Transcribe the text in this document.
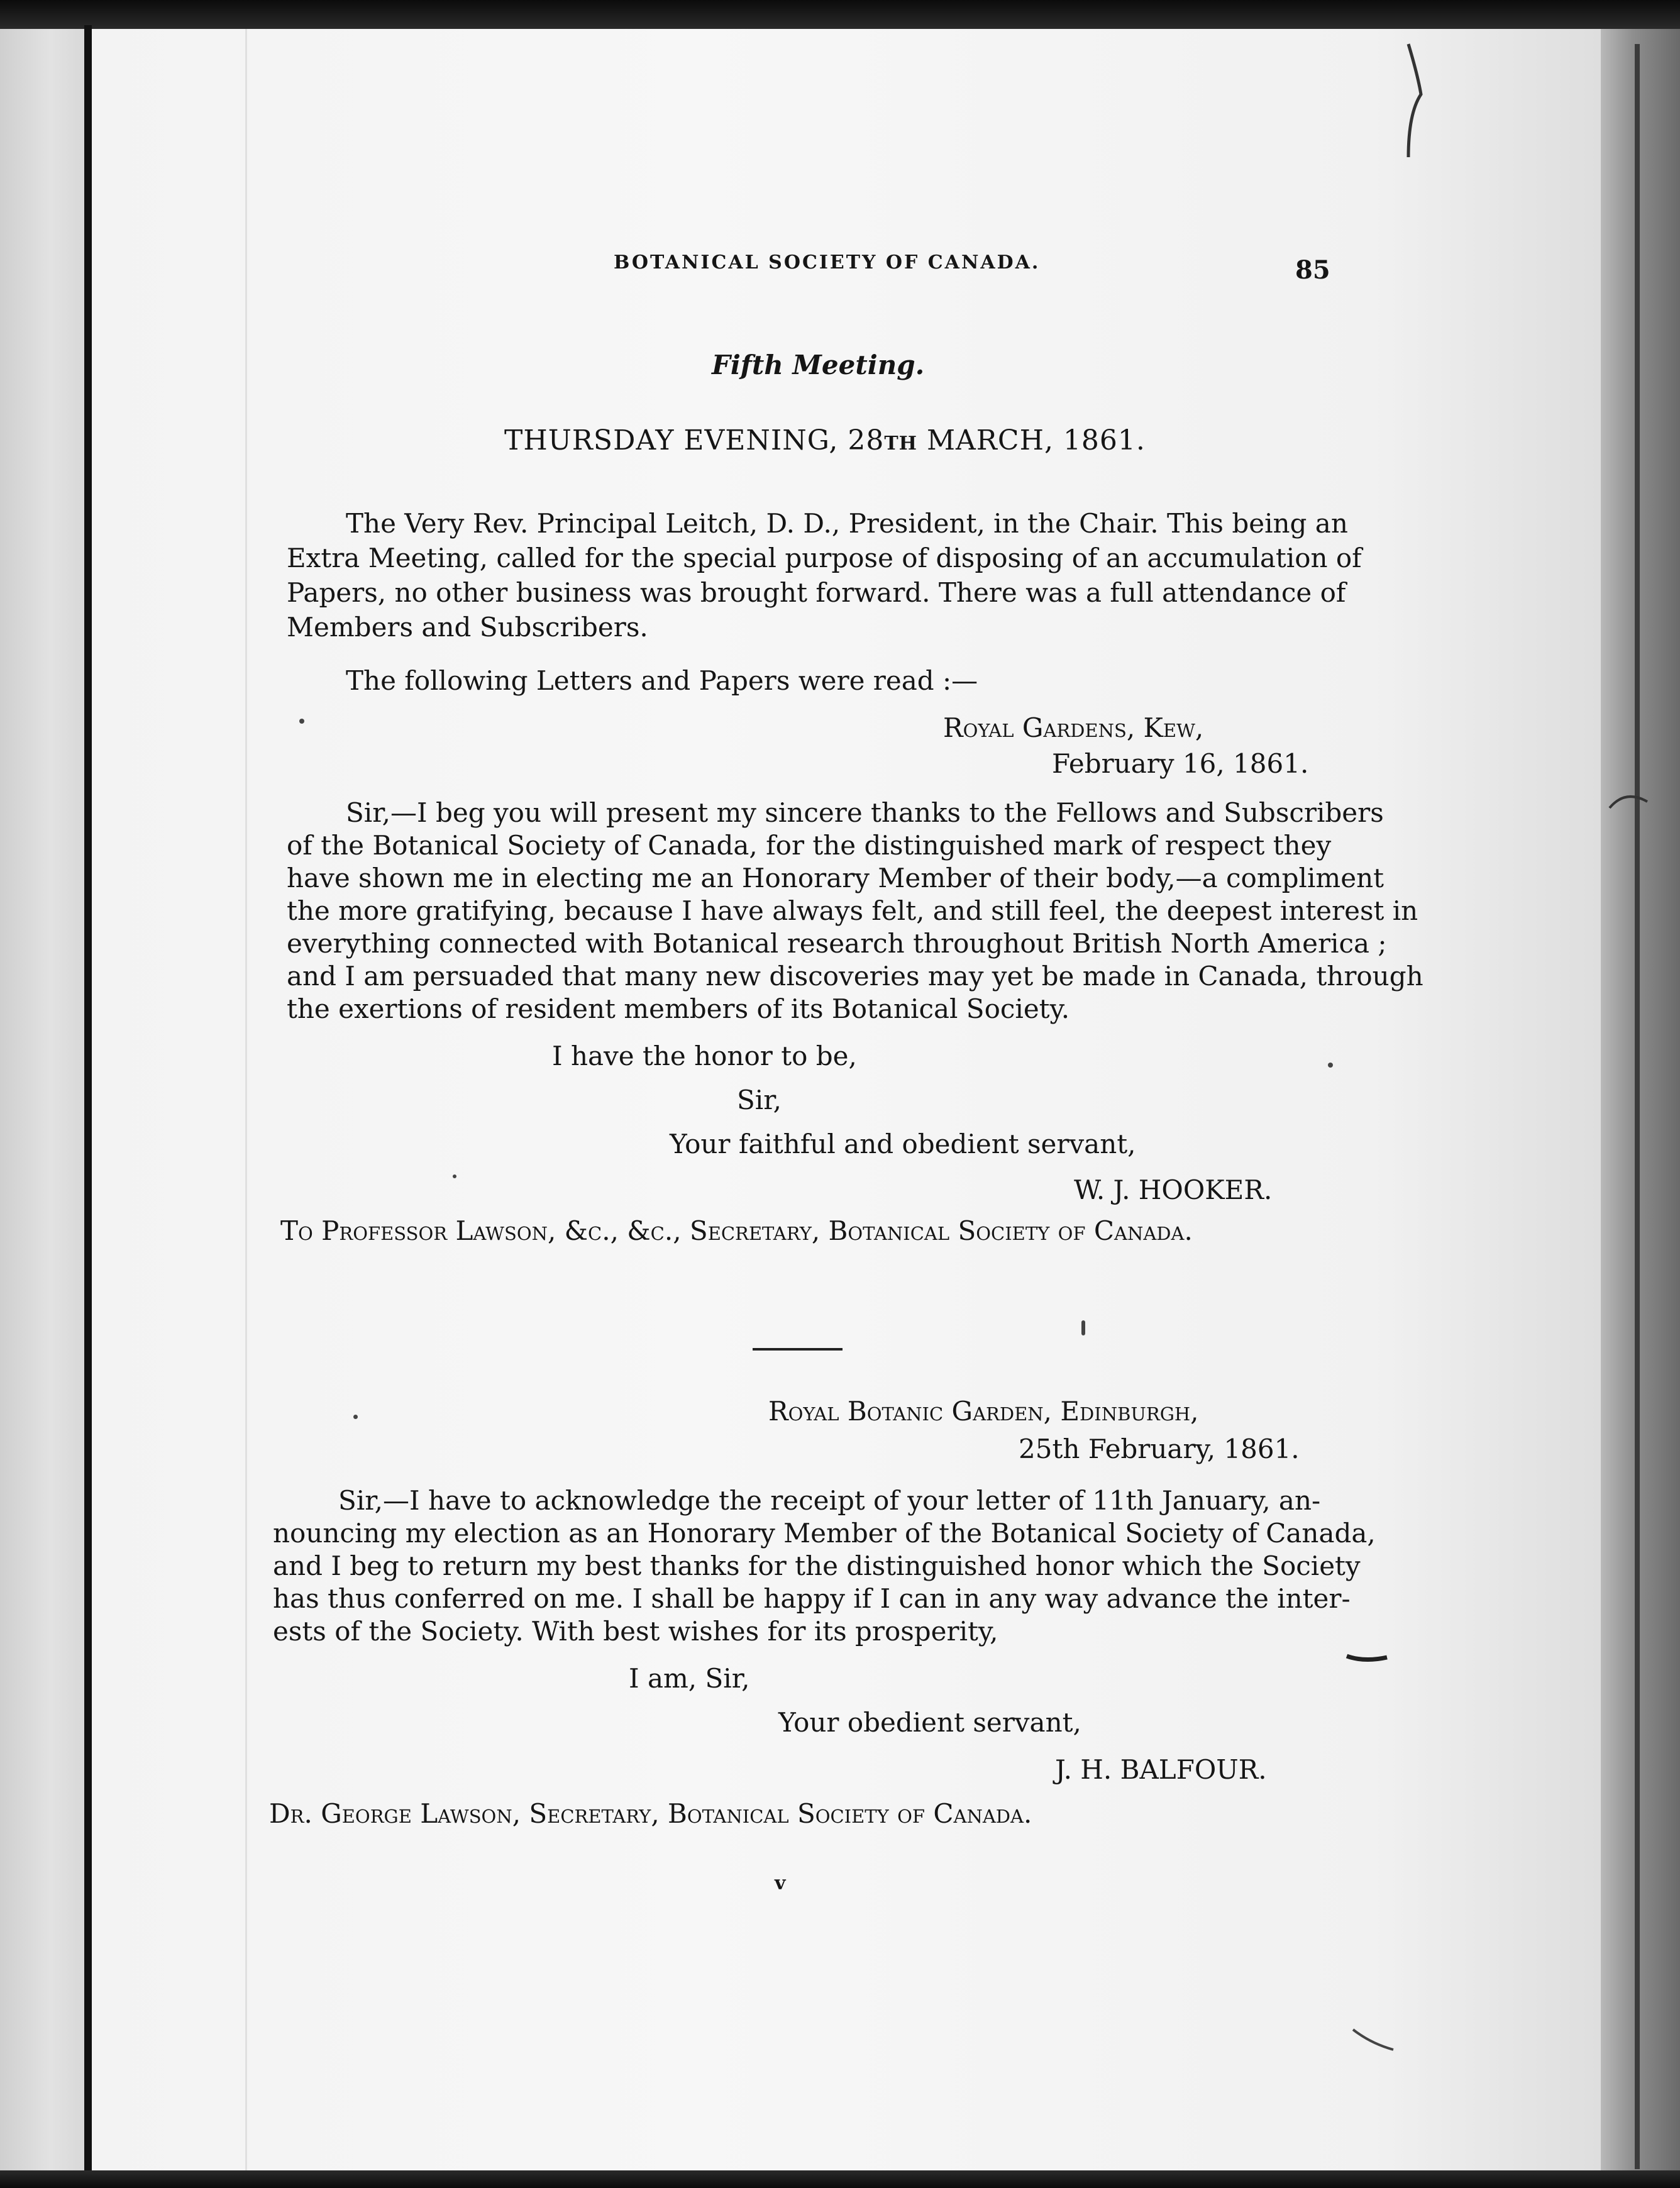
BOTANICAL SOCIETY OF CANADA.	85
Fifth Meeting.
THURSDAY EVENING, 28TH MARCH, 1861.
The Very Rev. Principal Leitch, D. D., President, in the Chair. This being an
Extra Meeting, called for the special purpose of disposing of an accumulation of
Papers, no other business was brought forward. There was a full attendance of
Members and Subscribers.
The following Letters and Papers were read :—
Royal Gardens, Kew,
February 16, 1861.
Sir,—I beg you will present my sincere thanks to the Fellows and Subscribers
of the Botanical Society of Canada, for the distinguished mark of respect they
have shown me in electing me an Honorary Member of their body,—a compliment
the more gratifying, because I have always felt, and still feel, the deepest interest in
everything connected with Botanical research throughout British North America ;
and I am persuaded that many new discoveries may yet be made in Canada, through
the exertions of resident members of its Botanical Society.
I have the honor to be,
Sir,
Your faithful and obedient servant,
W. J. HOOKER.
To Professor Lawson, &c., &c., Secretary, Botanical Society of Canada.
Royal Botanic Garden, Edinburgh,
25th February, 1861.
Sir,—I have to acknowledge the receipt of your letter of 11th January, an-
nouncing my election as an Honorary Member of the Botanical Society of Canada,
and I beg to return my best thanks for the distinguished honor which the Society
has thus conferred on me. I shall be happy if I can in any way advance the inter-
ests of the Society. With best wishes for its prosperity,
I am, Sir,
Your obedient servant,
J. H. BALFOUR.
Dr. George Lawson, Secretary, Botanical Society of Canada.
v
